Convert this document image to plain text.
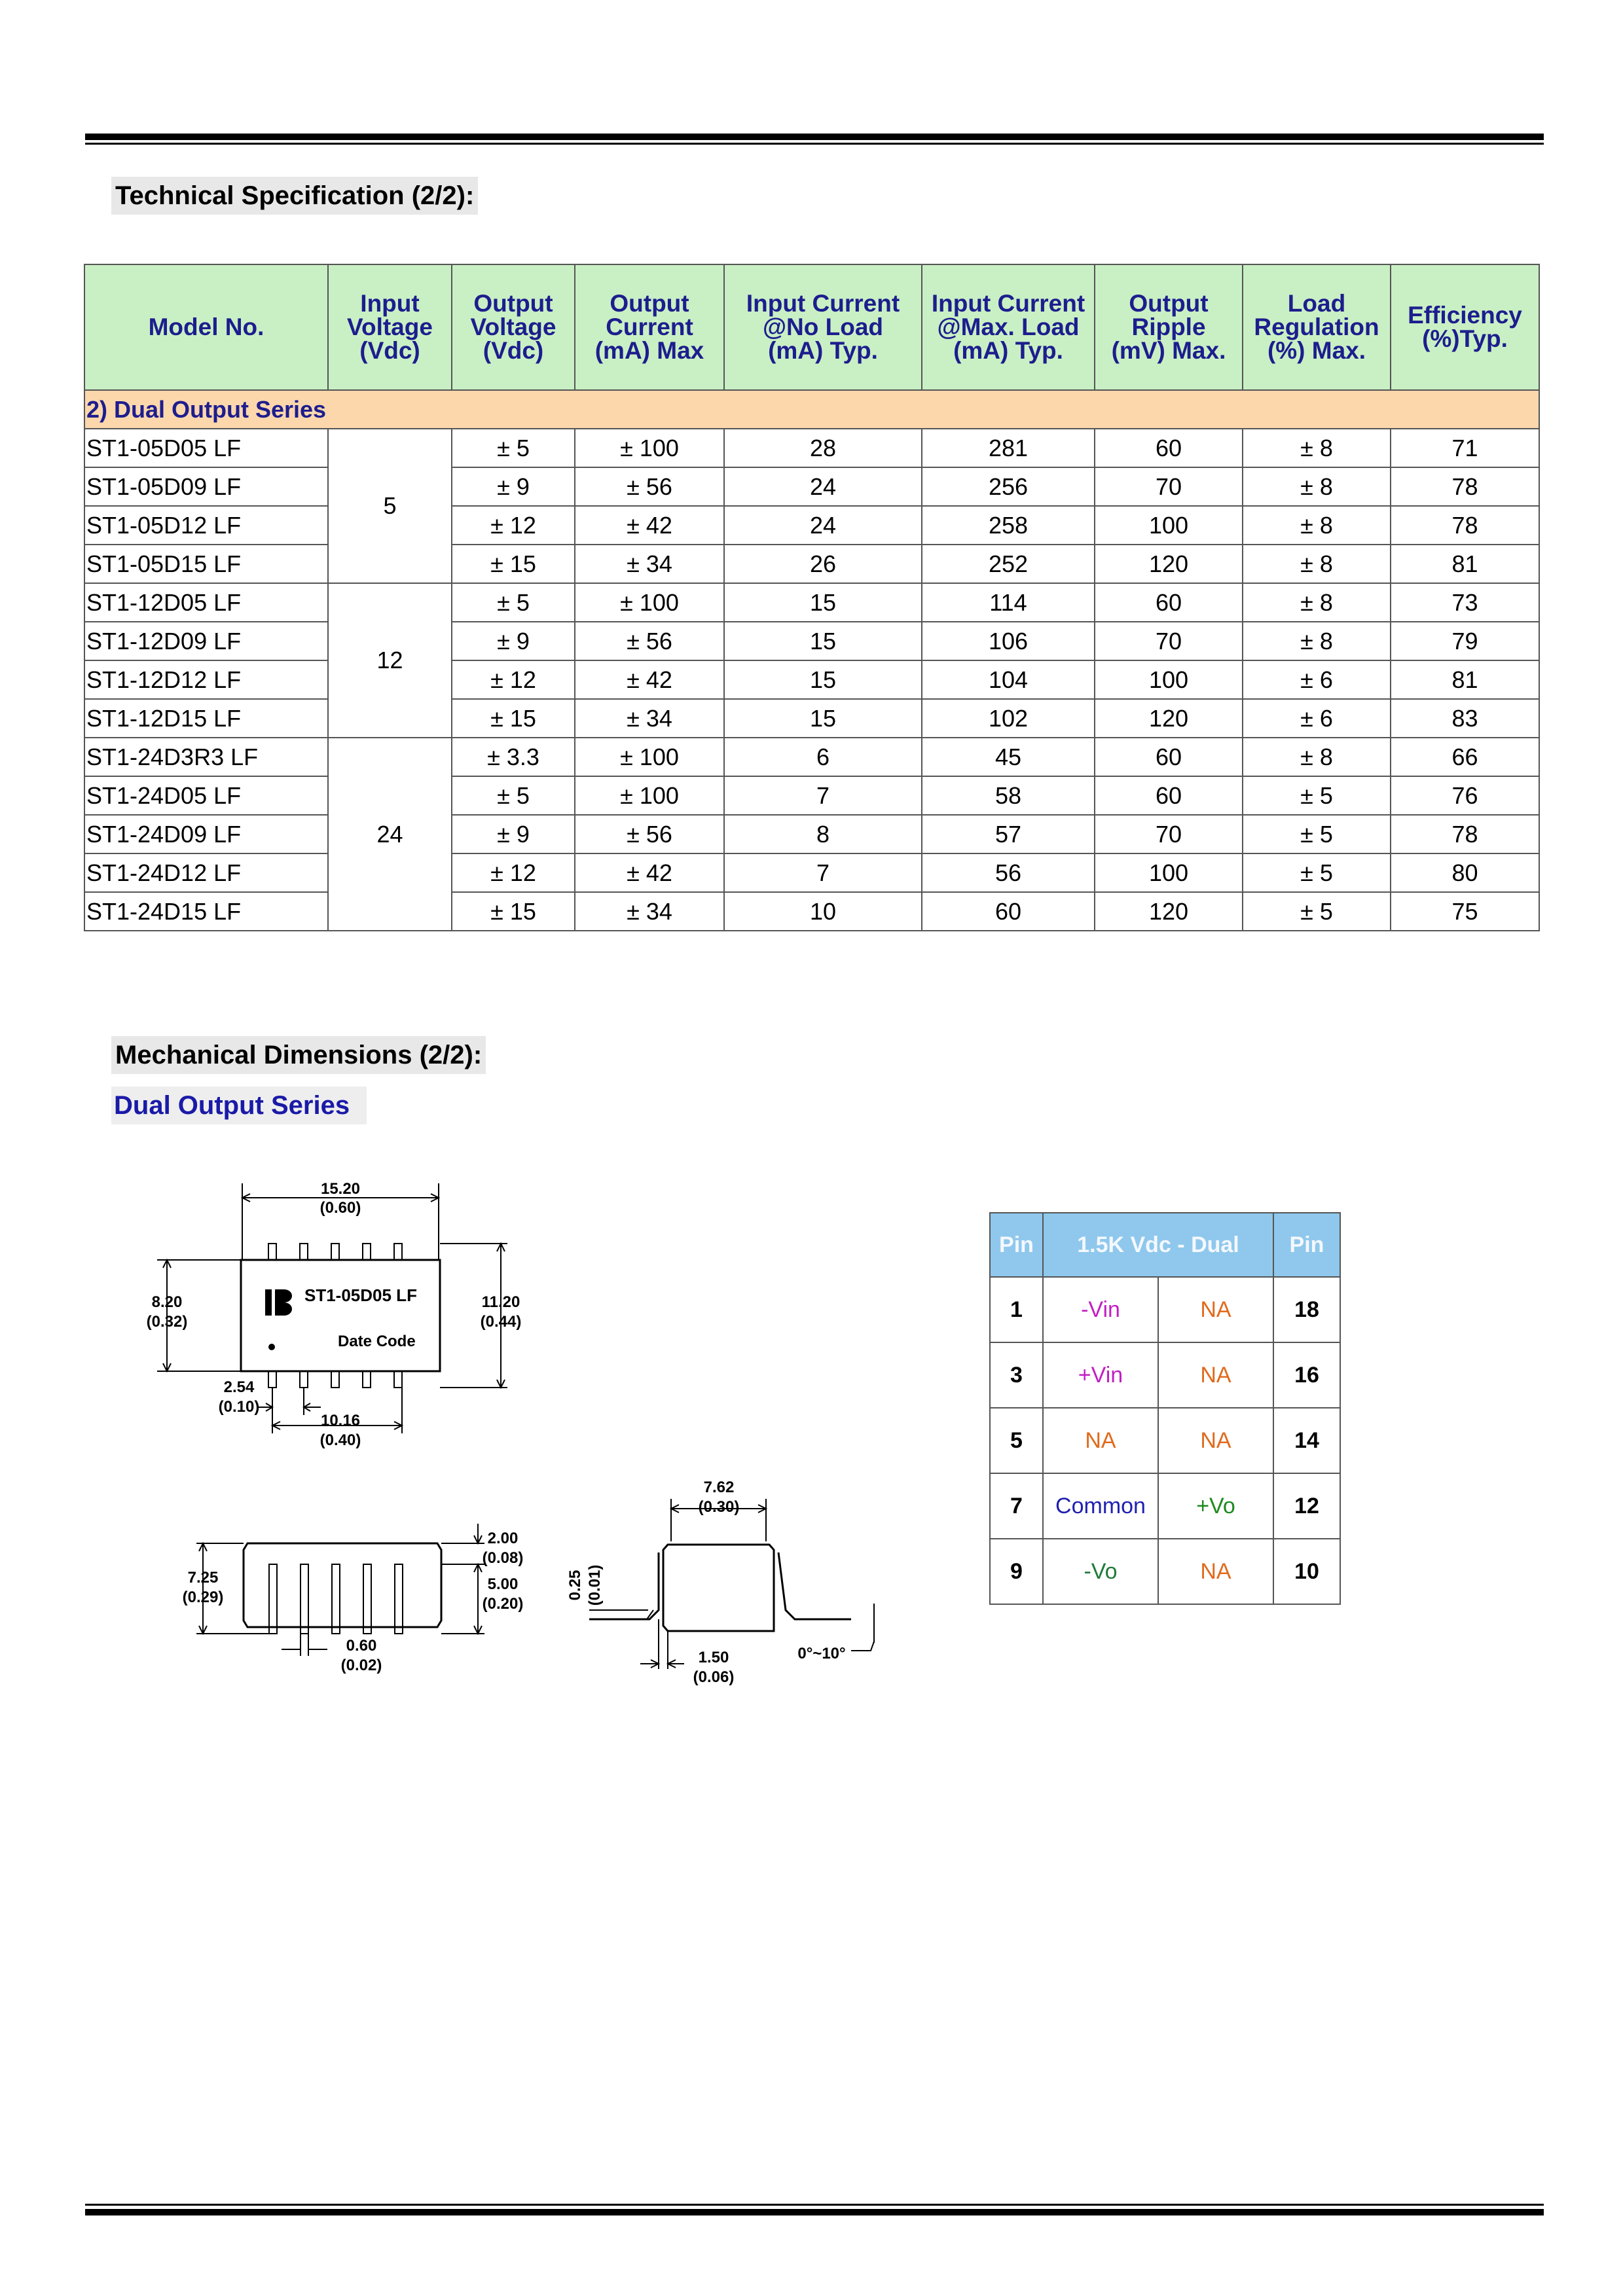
Technical Specification (2/2):
Model No.	Input
Voltage
(Vdc)	Output
Voltage
(Vdc)	Output
Current
(mA) Max	Input Current
@No Load
(mA) Typ.	Input Current
@Max. Load
(mA) Typ.	Output
Ripple
(mV) Max.	Load
Regulation
(%) Max.	Efficiency
(%)Typ.
2) Dual Output Series								
ST1-05D05 LF	5	± 5	± 100	28	281	60	± 8	71
ST1-05D09 LF		± 9	± 56	24	256	70	± 8	78
ST1-05D12 LF		± 12	± 42	24	258	100	± 8	78
ST1-05D15 LF		± 15	± 34	26	252	120	± 8	81
ST1-12D05 LF	12	± 5	± 100	15	114	60	± 8	73
ST1-12D09 LF		± 9	± 56	15	106	70	± 8	79
ST1-12D12 LF		± 12	± 42	15	104	100	± 6	81
ST1-12D15 LF		± 15	± 34	15	102	120	± 6	83
ST1-24D3R3 LF	24	± 3.3	± 100	6	45	60	± 8	66
ST1-24D05 LF		± 5	± 100	7	58	60	± 5	76
ST1-24D09 LF		± 9	± 56	8	57	70	± 5	78
ST1-24D12 LF		± 12	± 42	7	56	100	± 5	80
ST1-24D15 LF		± 15	± 34	10	60	120	± 5	75
Mechanical Dimensions (2/2):
Dual Output Series
15.20
(0.60)
8.20
(0.32)
11.20
(0.44)
2.54
(0.10)
10.16
(0.40)
ST1-05D05 LF
Date Code
7.25
(0.29)
2.00
(0.08)
5.00
(0.20)
0.60
(0.02)
7.62
(0.30)
0.25 (0.01)
1.50
(0.06)
0°~10°
Pin	1.5K Vdc - Dual		Pin
1	-Vin	NA	18
3	+Vin	NA	16
5	NA	NA	14
7	Common	+Vo	12
9	-Vo	NA	10
